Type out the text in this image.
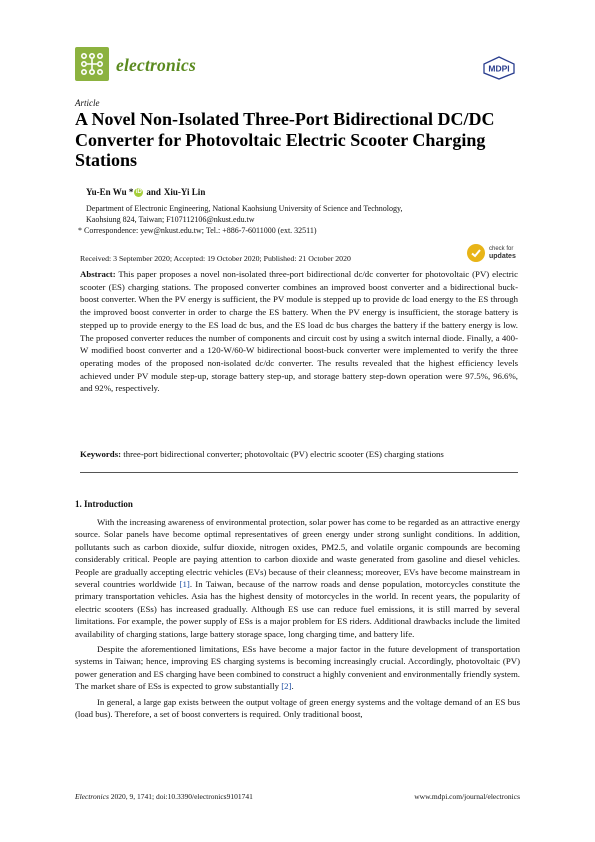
electronics	MDPI
Article
A Novel Non-Isolated Three-Port Bidirectional DC/DC Converter for Photovoltaic Electric Scooter Charging Stations
Yu-En Wu * iD and Xiu-Yi Lin

Department of Electronic Engineering, National Kaohsiung University of Science and Technology,

Kaohsiung 824, Taiwan; F107112106@nkust.edu.tw

* Correspondence: yew@nkust.edu.tw; Tel.: +886-7-6011000 (ext. 32511)

Received: 3 September 2020; Accepted: 19 October 2020; Published: 21 October 2020
check for
updates
Abstract: This paper proposes a novel non-isolated three-port bidirectional dc/dc converter for photovoltaic (PV) electric scooter (ES) charging stations. The proposed converter combines an improved boost converter and a bidirectional buck-boost converter. When the PV energy is sufficient, the PV module is stepped up to provide dc load energy to the ES through the improved boost converter in order to charge the ES battery. When the PV energy is insufficient, the storage battery is stepped up to provide energy to the ES load dc bus, and the ES load dc bus charges the battery if the battery energy is low. The proposed converter reduces the number of components and circuit cost by using a switch internal diode. Finally, a 400-W modified boost converter and a 120-W/60-W bidirectional boost-buck converter were implemented to verify the three operating modes of the proposed non-isolated dc/dc converter. The results revealed that the highest efficiency levels achieved under PV module step-up, storage battery step-up, and storage battery step-down operation were 97.5%, 96.6%, and 92%, respectively.
Keywords: three-port bidirectional converter; photovoltaic (PV) electric scooter (ES) charging stations
1. Introduction

With the increasing awareness of environmental protection, solar power has come to be regarded as an attractive energy source. Solar panels have become optimal representatives of green energy under strong sunlight conditions. In addition, pollutants such as carbon dioxide, sulfur dioxide, nitrogen oxides, PM2.5, and volatile organic compounds are becoming considerably critical. People are paying attention to carbon dioxide and waste generated from gasoline and diesel vehicles. People are gradually accepting electric vehicles (EVs) because of their cleanness; moreover, EVs have become mainstream in several countries worldwide [1]. In Taiwan, because of the narrow roads and dense population, motorcycles constitute the primary transportation vehicles. Asia has the highest density of motorcycles in the world. In recent years, the popularity of electric scooters (ESs) has increased gradually. Although ES use can reduce fuel emissions, it is still marred by several limitations. For example, the power supply of ESs is a major problem for ES riders. Additional drawbacks include the limited availability of charging stations, large battery storage space, long charging time, and battery life.

Despite the aforementioned limitations, ESs have become a major factor in the future development of transportation systems in Taiwan; hence, improving ES charging systems is becoming increasingly crucial. Accordingly, photovoltaic (PV) power generation and ES charging have been combined to construct a highly convenient and environmentally friendly system. The market share of ESs is expected to grow substantially [2].

In general, a large gap exists between the output voltage of green energy systems and the voltage demand of an ES bus (load bus). Therefore, a set of boost converters is required. Only traditional boost,

Electronics 2020, 9, 1741; doi:10.3390/electronics9101741	www.mdpi.com/journal/electronics
